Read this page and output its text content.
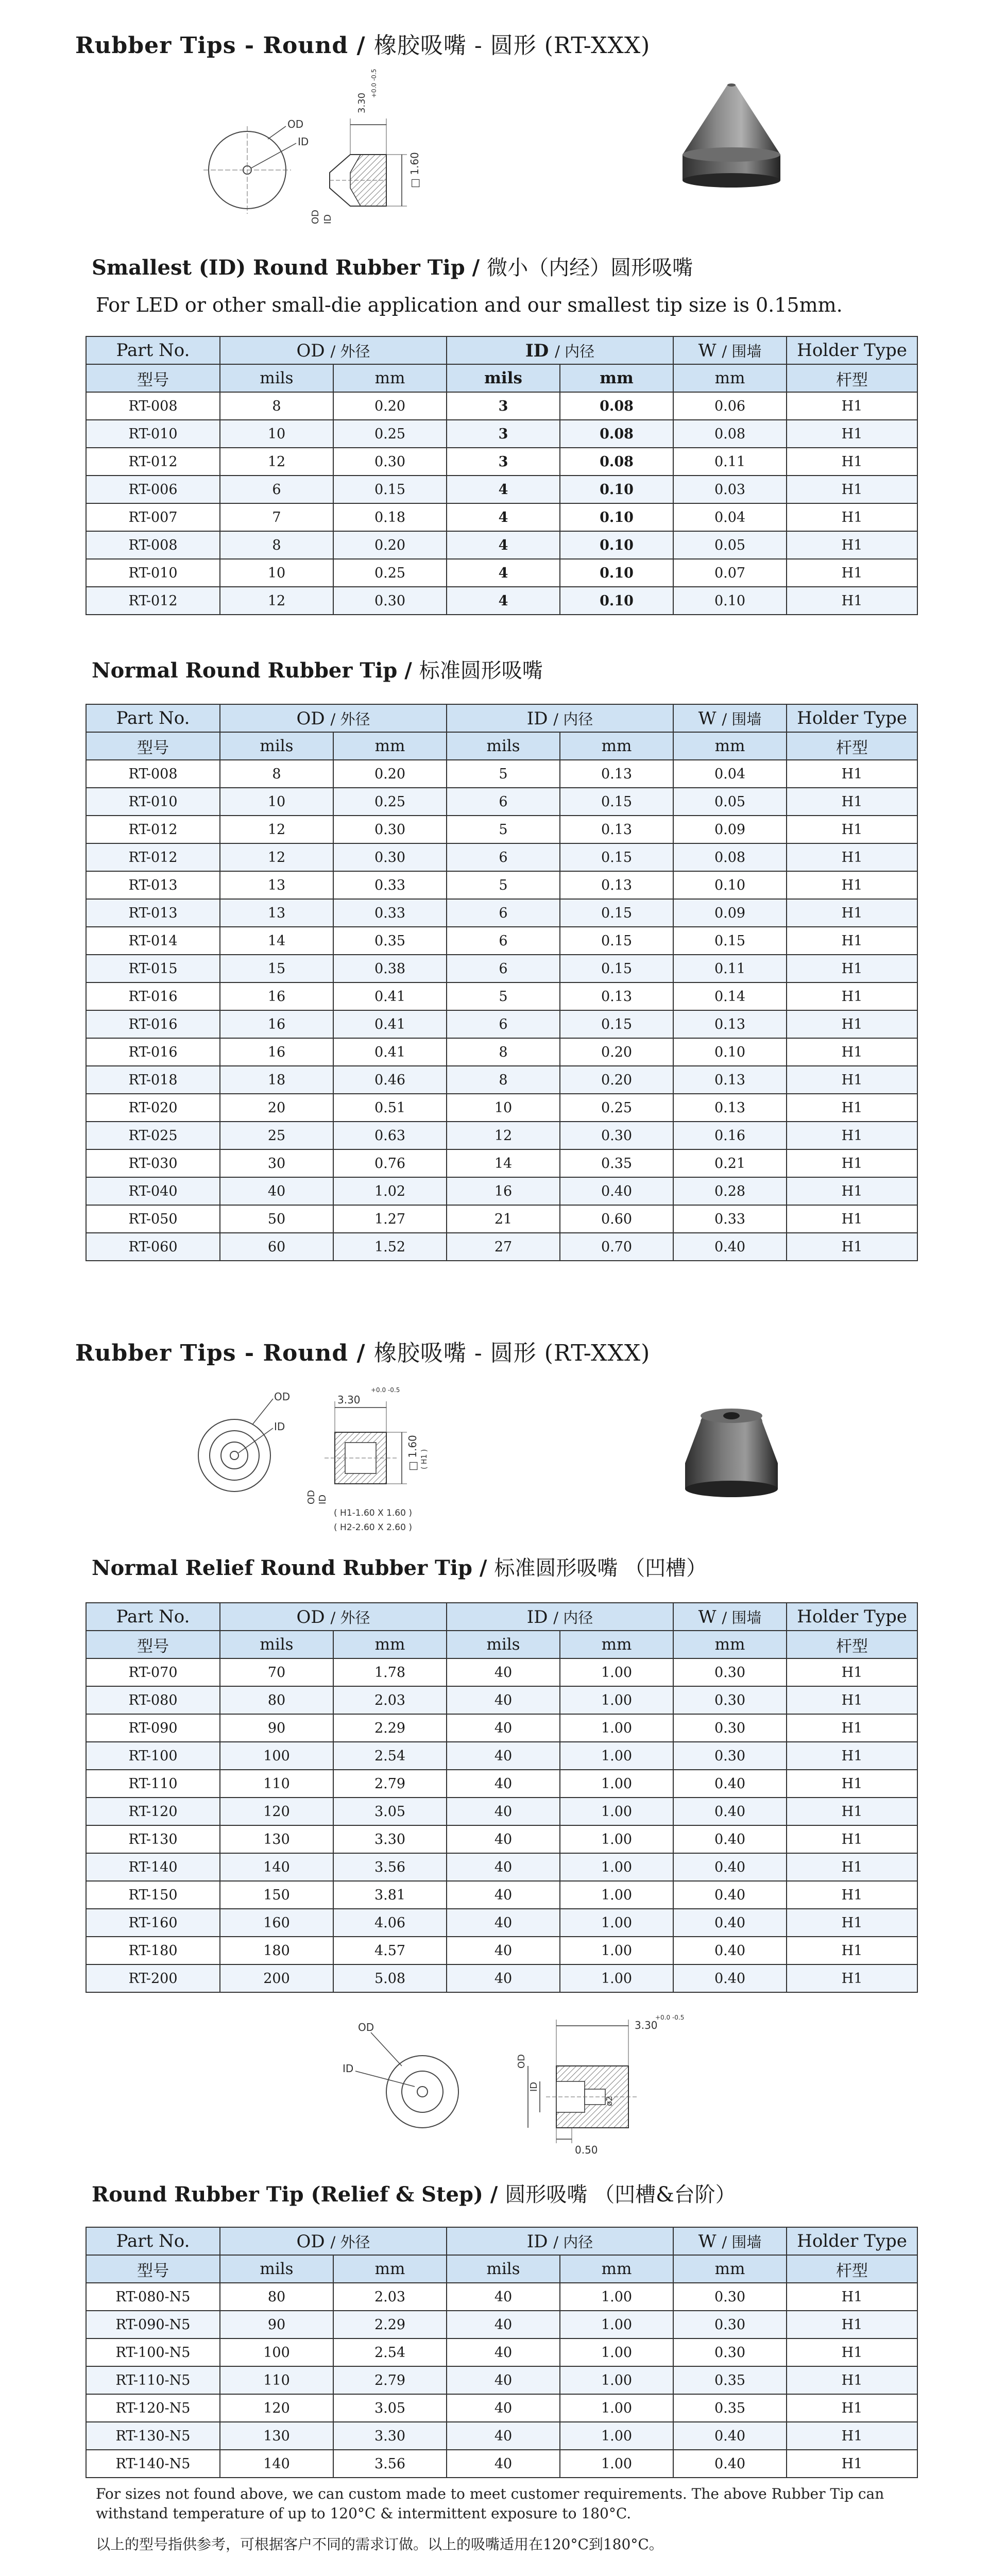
Rubber Tips - Round / 橡胶吸嘴 - 圆形 (RT-XXX)
OD
ID
3.30
+0.0 -0.5
□ 1.60
OD ID
Smallest (ID) Round Rubber Tip / 微小（内经）圆形吸嘴
For LED or other small-die application and our smallest tip size is 0.15mm.
Part No.	OD / 外径		ID / 内径		W / 围墙	Holder Type
型号	mils	mm	mils	mm	mm	杆型
RT-008	8	0.20	3	0.08	0.06	H1
RT-010	10	0.25	3	0.08	0.08	H1
RT-012	12	0.30	3	0.08	0.11	H1
RT-006	6	0.15	4	0.10	0.03	H1
RT-007	7	0.18	4	0.10	0.04	H1
RT-008	8	0.20	4	0.10	0.05	H1
RT-010	10	0.25	4	0.10	0.07	H1
RT-012	12	0.30	4	0.10	0.10	H1
Normal Round Rubber Tip / 标准圆形吸嘴
Part No.	OD / 外径		ID / 内径		W / 围墙	Holder Type
型号	mils	mm	mils	mm	mm	杆型
RT-008	8	0.20	5	0.13	0.04	H1
RT-010	10	0.25	6	0.15	0.05	H1
RT-012	12	0.30	5	0.13	0.09	H1
RT-012	12	0.30	6	0.15	0.08	H1
RT-013	13	0.33	5	0.13	0.10	H1
RT-013	13	0.33	6	0.15	0.09	H1
RT-014	14	0.35	6	0.15	0.15	H1
RT-015	15	0.38	6	0.15	0.11	H1
RT-016	16	0.41	5	0.13	0.14	H1
RT-016	16	0.41	6	0.15	0.13	H1
RT-016	16	0.41	8	0.20	0.10	H1
RT-018	18	0.46	8	0.20	0.13	H1
RT-020	20	0.51	10	0.25	0.13	H1
RT-025	25	0.63	12	0.30	0.16	H1
RT-030	30	0.76	14	0.35	0.21	H1
RT-040	40	1.02	16	0.40	0.28	H1
RT-050	50	1.27	21	0.60	0.33	H1
RT-060	60	1.52	27	0.70	0.40	H1
Rubber Tips - Round / 橡胶吸嘴 - 圆形 (RT-XXX)
OD
ID
3.30
+0.0 -0.5
□ 1.60 ( H1 )
OD ID
( H1-1.60 X 1.60 )
( H2-2.60 X 2.60 )
Normal Relief Round Rubber Tip / 标准圆形吸嘴 （凹槽）
Part No.	OD / 外径		ID / 内径		W / 围墙	Holder Type
型号	mils	mm	mils	mm	mm	杆型
RT-070	70	1.78	40	1.00	0.30	H1
RT-080	80	2.03	40	1.00	0.30	H1
RT-090	90	2.29	40	1.00	0.30	H1
RT-100	100	2.54	40	1.00	0.30	H1
RT-110	110	2.79	40	1.00	0.40	H1
RT-120	120	3.05	40	1.00	0.40	H1
RT-130	130	3.30	40	1.00	0.40	H1
RT-140	140	3.56	40	1.00	0.40	H1
RT-150	150	3.81	40	1.00	0.40	H1
RT-160	160	4.06	40	1.00	0.40	H1
RT-180	180	4.57	40	1.00	0.40	H1
RT-200	200	5.08	40	1.00	0.40	H1
OD
ID
3.30
+0.0 -0.5
OD
ID
ø2
0.50
Round Rubber Tip (Relief & Step) / 圆形吸嘴 （凹槽&台阶）
Part No.	OD / 外径		ID / 内径		W / 围墙	Holder Type
型号	mils	mm	mils	mm	mm	杆型
RT-080-N5	80	2.03	40	1.00	0.30	H1
RT-090-N5	90	2.29	40	1.00	0.30	H1
RT-100-N5	100	2.54	40	1.00	0.30	H1
RT-110-N5	110	2.79	40	1.00	0.35	H1
RT-120-N5	120	3.05	40	1.00	0.35	H1
RT-130-N5	130	3.30	40	1.00	0.40	H1
RT-140-N5	140	3.56	40	1.00	0.40	H1
For sizes not found above, we can custom made to meet customer requirements. The above Rubber Tip can withstand temperature of up to 120°C & intermittent exposure to 180°C.
以上的型号指供参考，可根据客户不同的需求订做。以上的吸嘴适用在120°C到180°C。
